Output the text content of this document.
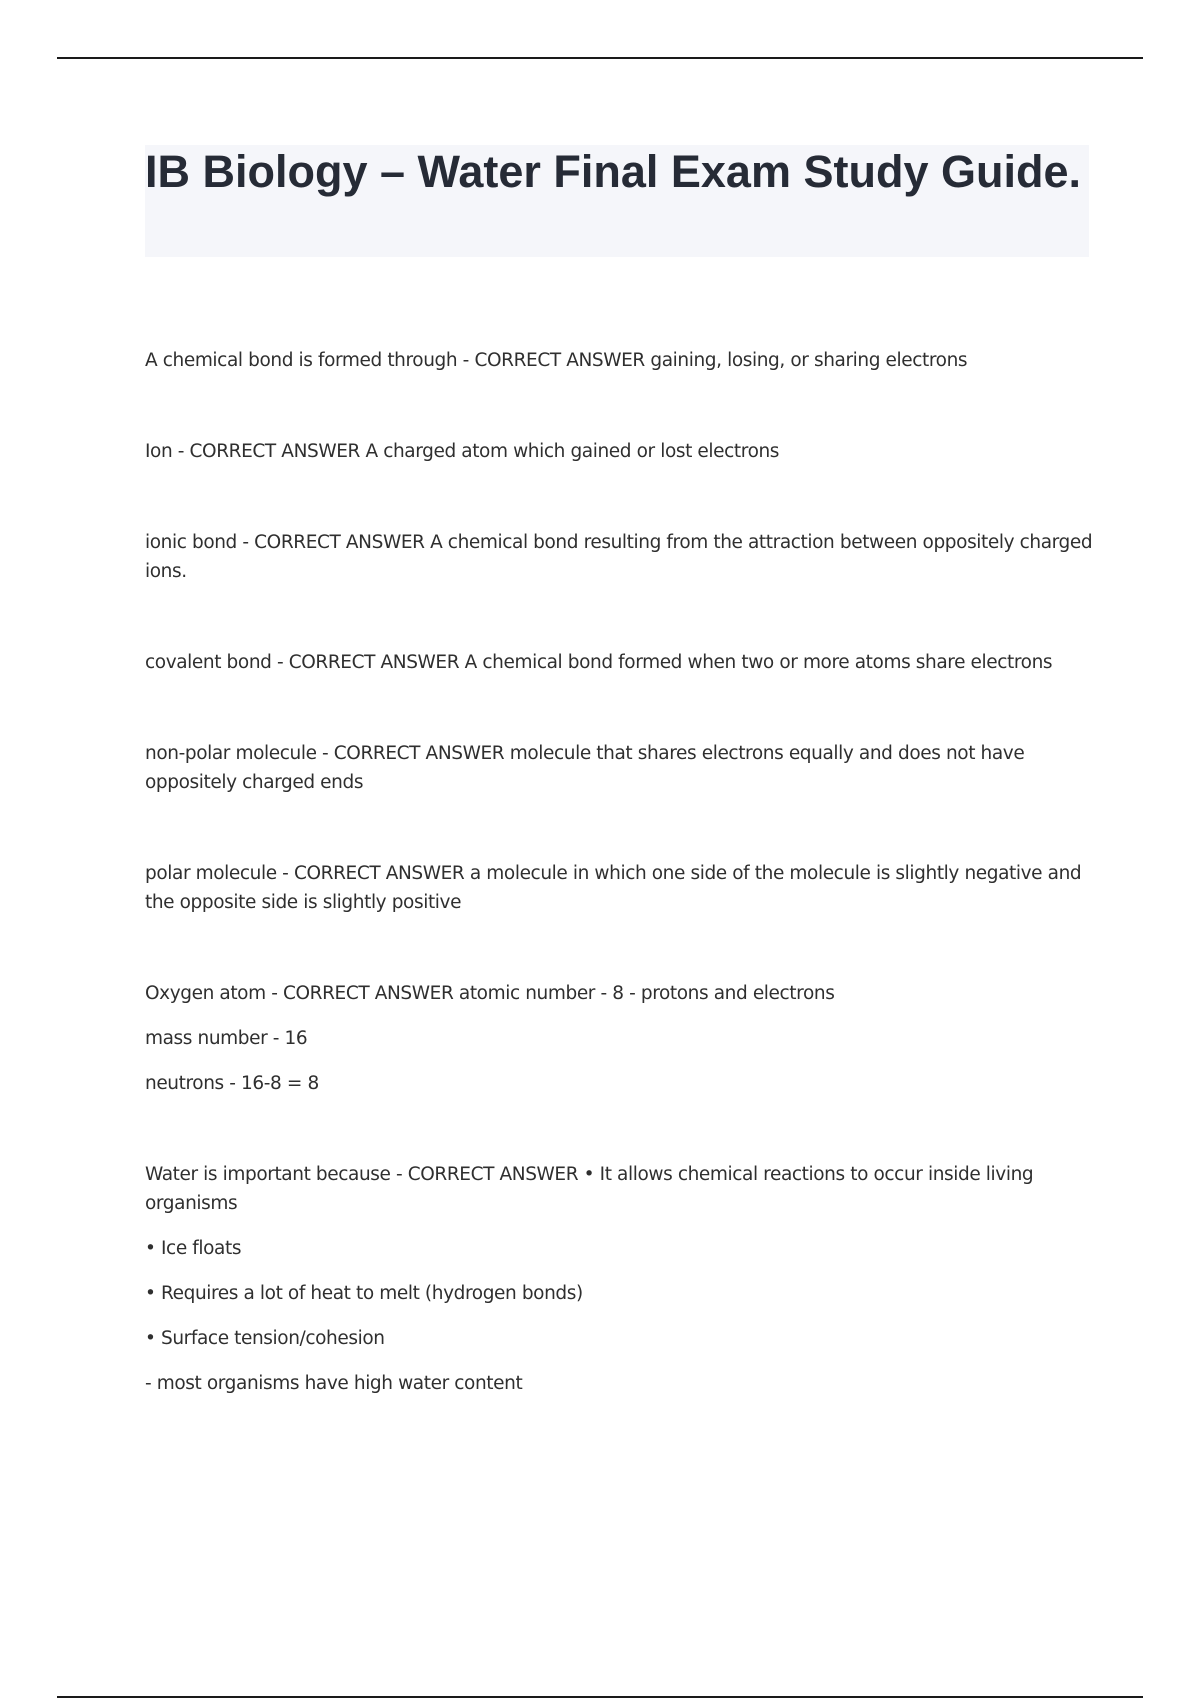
IB Biology – Water Final Exam Study Guide.

A chemical bond is formed through - CORRECT ANSWER gaining, losing, or sharing electrons

Ion - CORRECT ANSWER A charged atom which gained or lost electrons

ionic bond - CORRECT ANSWER A chemical bond resulting from the attraction between oppositely charged ions.

covalent bond - CORRECT ANSWER A chemical bond formed when two or more atoms share electrons

non-polar molecule - CORRECT ANSWER molecule that shares electrons equally and does not have oppositely charged ends

polar molecule - CORRECT ANSWER a molecule in which one side of the molecule is slightly negative and the opposite side is slightly positive

Oxygen atom - CORRECT ANSWER atomic number - 8 - protons and electrons

mass number - 16

neutrons - 16-8 = 8

Water is important because - CORRECT ANSWER • It allows chemical reactions to occur inside living organisms

• Ice floats

• Requires a lot of heat to melt (hydrogen bonds)

• Surface tension/cohesion

- most organisms have high water content
